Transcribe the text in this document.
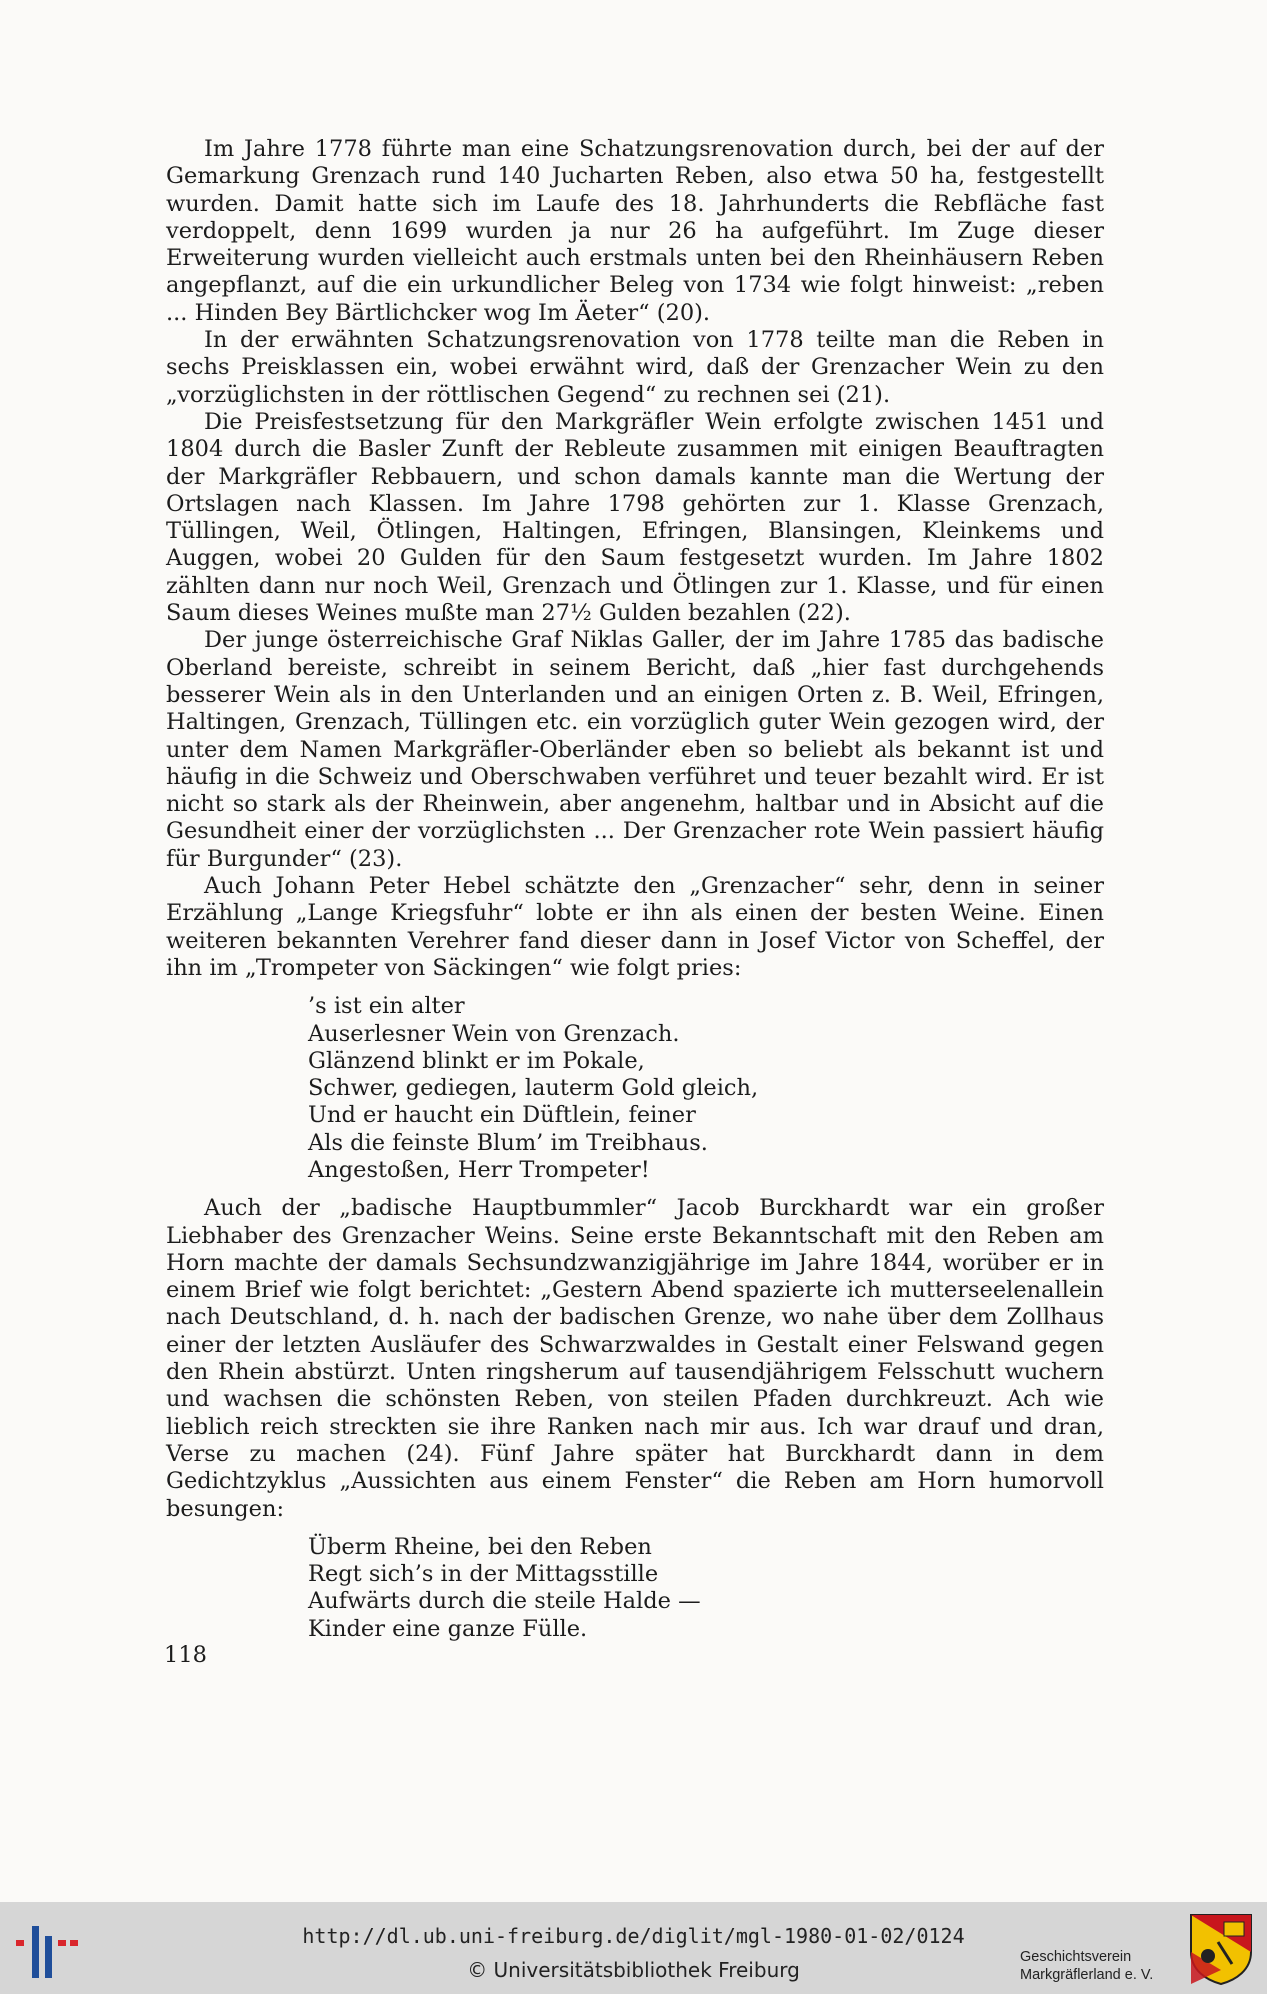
Im Jahre 1778 führte man eine Schatzungsrenovation durch, bei der auf der Gemarkung Grenzach rund 140 Jucharten Reben, also etwa 50 ha, festgestellt wurden. Damit hatte sich im Laufe des 18. Jahrhunderts die Rebfläche fast verdoppelt, denn 1699 wurden ja nur 26 ha aufgeführt. Im Zuge dieser Erweiterung wurden vielleicht auch erstmals unten bei den Rheinhäusern Reben angepflanzt, auf die ein urkundlicher Beleg von 1734 wie folgt hinweist: „reben ... Hinden Bey Bärtlichcker wog Im Äeter“ (20).

In der erwähnten Schatzungsrenovation von 1778 teilte man die Reben in sechs Preisklassen ein, wobei erwähnt wird, daß der Grenzacher Wein zu den „vorzüglichsten in der röttlischen Gegend“ zu rechnen sei (21).

Die Preisfestsetzung für den Markgräfler Wein erfolgte zwischen 1451 und 1804 durch die Basler Zunft der Rebleute zusammen mit einigen Beauftragten der Markgräfler Rebbauern, und schon damals kannte man die Wertung der Ortslagen nach Klassen. Im Jahre 1798 gehörten zur 1. Klasse Grenzach, Tüllingen, Weil, Ötlingen, Haltingen, Efringen, Blansingen, Kleinkems und Auggen, wobei 20 Gulden für den Saum festgesetzt wurden. Im Jahre 1802 zählten dann nur noch Weil, Grenzach und Ötlingen zur 1. Klasse, und für einen Saum dieses Weines mußte man 27½ Gulden bezahlen (22).

Der junge österreichische Graf Niklas Galler, der im Jahre 1785 das badische Oberland bereiste, schreibt in seinem Bericht, daß „hier fast durchgehends besserer Wein als in den Unterlanden und an einigen Orten z. B. Weil, Efringen, Haltingen, Grenzach, Tüllingen etc. ein vorzüglich guter Wein gezogen wird, der unter dem Namen Markgräfler-Oberländer eben so beliebt als bekannt ist und häufig in die Schweiz und Oberschwaben verführet und teuer bezahlt wird. Er ist nicht so stark als der Rheinwein, aber angenehm, haltbar und in Absicht auf die Gesundheit einer der vorzüglichsten ... Der Grenzacher rote Wein passiert häufig für Burgunder“ (23).

Auch Johann Peter Hebel schätzte den „Grenzacher“ sehr, denn in seiner Erzählung „Lange Kriegsfuhr“ lobte er ihn als einen der besten Weine. Einen weiteren bekannten Verehrer fand dieser dann in Josef Victor von Scheffel, der ihn im „Trompeter von Säckingen“ wie folgt pries:

’s ist ein alter
Auserlesner Wein von Grenzach.
Glänzend blinkt er im Pokale,
Schwer, gediegen, lauterm Gold gleich,
Und er haucht ein Düftlein, feiner
Als die feinste Blum’ im Treibhaus.
Angestoßen, Herr Trompeter!

Auch der „badische Hauptbummler“ Jacob Burckhardt war ein großer Liebhaber des Grenzacher Weins. Seine erste Bekanntschaft mit den Reben am Horn machte der damals Sechsundzwanzigjährige im Jahre 1844, worüber er in einem Brief wie folgt berichtet: „Gestern Abend spazierte ich mutterseelenallein nach Deutschland, d. h. nach der badischen Grenze, wo nahe über dem Zollhaus einer der letzten Ausläufer des Schwarzwaldes in Gestalt einer Felswand gegen den Rhein abstürzt. Unten ringsherum auf tausendjährigem Felsschutt wuchern und wachsen die schönsten Reben, von steilen Pfaden durchkreuzt. Ach wie lieblich reich streckten sie ihre Ranken nach mir aus. Ich war drauf und dran, Verse zu machen (24). Fünf Jahre später hat Burckhardt dann in dem Gedichtzyklus „Aussichten aus einem Fenster“ die Reben am Horn humorvoll besungen:

Überm Rheine, bei den Reben
Regt sich’s in der Mittagsstille
Aufwärts durch die steile Halde —
Kinder eine ganze Fülle.
118
http://dl.ub.uni-freiburg.de/diglit/mgl-1980-01-02/0124
© Universitätsbibliothek Freiburg
Geschichtsverein
Markgräflerland e. V.
